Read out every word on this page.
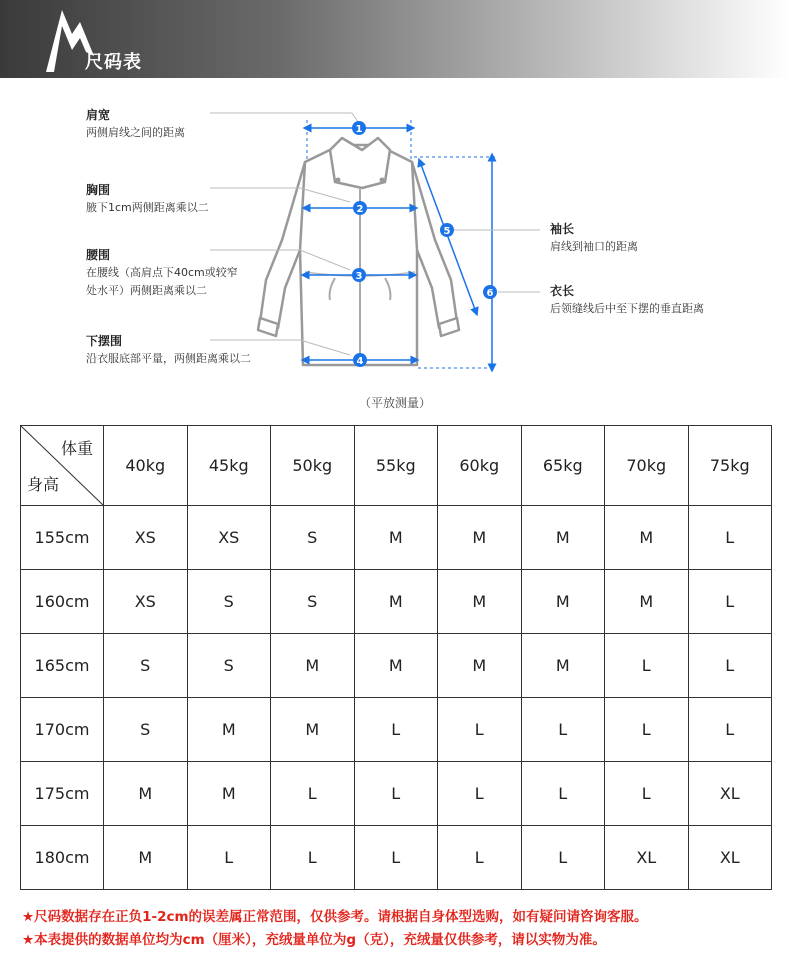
尺码表
1
2
3
4
5
6
肩宽
两侧肩线之间的距离
胸围
腋下1cm两侧距离乘以二
腰围
在腰线（高肩点下40cm或较窄
处水平）两侧距离乘以二
下摆围
沿衣服底部平量，两侧距离乘以二
袖长
肩线到袖口的距离
衣长
后领缝线后中至下摆的垂直距离
（平放测量）
体重
身高	40kg	45kg	50kg	55kg	60kg	65kg	70kg	75kg
155cm	XS	XS	S	M	M	M	M	L
160cm	XS	S	S	M	M	M	M	L
165cm	S	S	M	M	M	M	L	L
170cm	S	M	M	L	L	L	L	L
175cm	M	M	L	L	L	L	L	XL
180cm	M	L	L	L	L	L	XL	XL
★尺码数据存在正负1-2cm的误差属正常范围，仅供参考。请根据自身体型选购，如有疑问请咨询客服。
★本表提供的数据单位均为cm（厘米），充绒量单位为g（克），充绒量仅供参考，请以实物为准。
